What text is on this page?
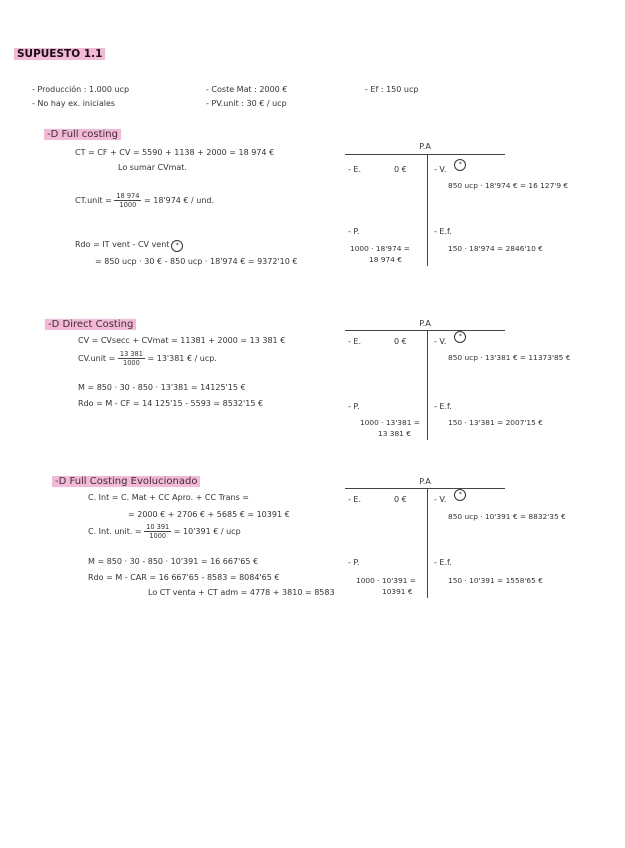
SUPUESTO 1.1
- Producción : 1.000 ucp
- No hay ex. iniciales
- Coste Mat : 2000 €
- PV.unit : 30 € / ucp
- Ef : 150 ucp
-D Full costing
CT = CF + CV = 5590 + 1138 + 2000 = 18 974 €
Lo sumar CVmat.
CT.unit = $\frac{18 974}{1000} = 18'974$ € / und.
Rdo = IT vent - CV vent *
= 850 ucp · 30 € - 850 ucp · 18'974 € = 9372'10 €
P.A
- E.	0 €	- V.*
850 ucp · 18'974 € = 16 127'9 €
- P.
1000 · 18'974 =
18 974 €
- E.f.
150 · 18'974 = 2846'10 €
-D Direct Costing
CV = CVsecc + CVmat = 11381 + 2000 = 13 381 €
CV.unit = $\frac{13 381}{1000} = 13'381$ € / ucp.
M = 850 · 30 - 850 · 13'381 = 14125'15 €
Rdo = M - CF = 14 125'15 - 5593 = 8532'15 €
P.A
- E.	0 €	- V.*
850 ucp · 13'381 € = 11373'85 €
- P.
1000 · 13'381 =
13 381 €
- E.f.
150 · 13'381 = 2007'15 €
-D Full Costing Evolucionado
C. Int = C. Mat + CC Apro. + CC Trans =
= 2000 € + 2706 € + 5685 € = 10391 €
C. Int. unit. = $\frac{10 391}{1000} = 10'391$ € / ucp
M = 850 · 30 - 850 · 10'391 = 16 667'65 €
Rdo = M - CAR = 16 667'65 - 8583 = 8084'65 €
Lo CT venta + CT adm = 4778 + 3810 = 8583
P.A
- E.	0 €	- V.*
850 ucp · 10'391 € = 8832'35 €
- P.
1000 · 10'391 =
10391 €
- E.f.
150 · 10'391 = 1558'65 €
